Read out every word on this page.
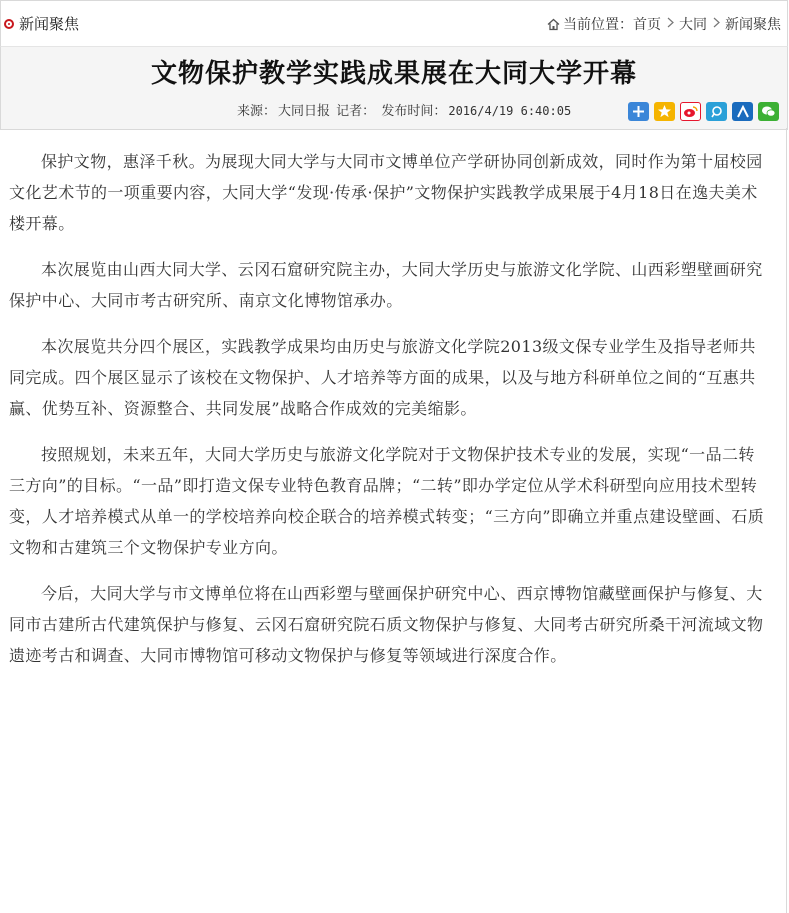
新闻聚焦	当前位置： 首页 大同 新闻聚焦
文物保护教学实践成果展在大同大学开幕
来源： 大同日报 记者： 发布时间： 2016/4/19 6:40:05

保护文物，惠泽千秋。为展现大同大学与大同市文博单位产学研协同创新成效，同时作为第十届校园文化艺术节的一项重要内容，大同大学“发现·传承·保护”文物保护实践教学成果展于4月18日在逸夫美术楼开幕。

本次展览由山西大同大学、云冈石窟研究院主办，大同大学历史与旅游文化学院、山西彩塑壁画研究保护中心、大同市考古研究所、南京文化博物馆承办。

本次展览共分四个展区，实践教学成果均由历史与旅游文化学院2013级文保专业学生及指导老师共同完成。四个展区显示了该校在文物保护、人才培养等方面的成果，以及与地方科研单位之间的“互惠共赢、优势互补、资源整合、共同发展”战略合作成效的完美缩影。

按照规划，未来五年，大同大学历史与旅游文化学院对于文物保护技术专业的发展，实现“一品二转三方向”的目标。“一品”即打造文保专业特色教育品牌；“二转”即办学定位从学术科研型向应用技术型转变，人才培养模式从单一的学校培养向校企联合的培养模式转变；“三方向”即确立并重点建设壁画、石质文物和古建筑三个文物保护专业方向。

今后，大同大学与市文博单位将在山西彩塑与壁画保护研究中心、西京博物馆藏壁画保护与修复、大同市古建所古代建筑保护与修复、云冈石窟研究院石质文物保护与修复、大同考古研究所桑干河流域文物遗迹考古和调查、大同市博物馆可移动文物保护与修复等领域进行深度合作。
